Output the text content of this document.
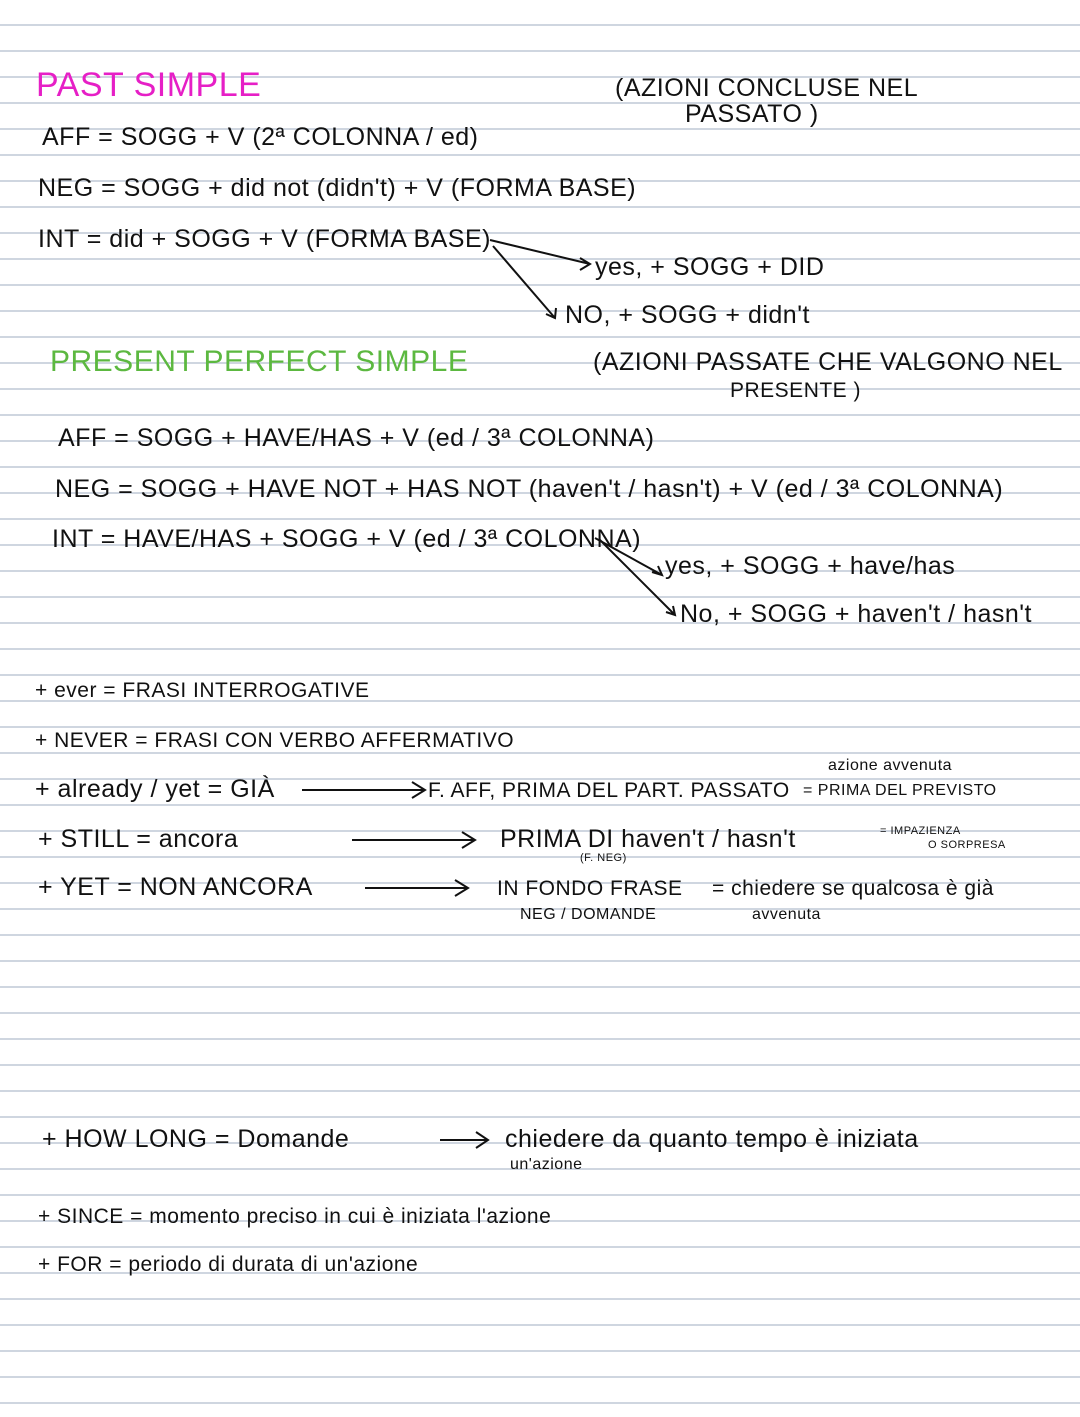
PAST SIMPLE	(AZIONI CONCLUSE NEL
PASSATO )
AFF = SOGG + V (2ª COLONNA / ed)
NEG = SOGG + did not (didn't) + V (FORMA BASE)
INT = did + SOGG + V (FORMA BASE)
yes, + SOGG + DID
NO, + SOGG + didn't
PRESENT PERFECT SIMPLE	(AZIONI PASSATE CHE VALGONO NEL
PRESENTE )
AFF = SOGG + HAVE/HAS + V (ed / 3ª COLONNA)
NEG = SOGG + HAVE NOT + HAS NOT (haven't / hasn't) + V (ed / 3ª COLONNA)
INT = HAVE/HAS + SOGG + V (ed / 3ª COLONNA)
yes, + SOGG + have/has
No, + SOGG + haven't / hasn't
+ ever = FRASI INTERROGATIVE
+ NEVER = FRASI CON VERBO AFFERMATIVO
+ already / yet = GIÀ	F. AFF, PRIMA DEL PART. PASSATO
azione avvenuta
= PRIMA DEL PREVISTO
+ STILL = ancora	PRIMA DI haven't / hasn't
(F. NEG)
= IMPAZIENZA
O SORPRESA
+ YET = NON ANCORA	IN FONDO FRASE
NEG / DOMANDE
= chiedere se qualcosa è già
avvenuta
+ HOW LONG = Domande	chiedere da quanto tempo è iniziata
un'azione
+ SINCE = momento preciso in cui è iniziata l'azione
+ FOR = periodo di durata di un'azione
